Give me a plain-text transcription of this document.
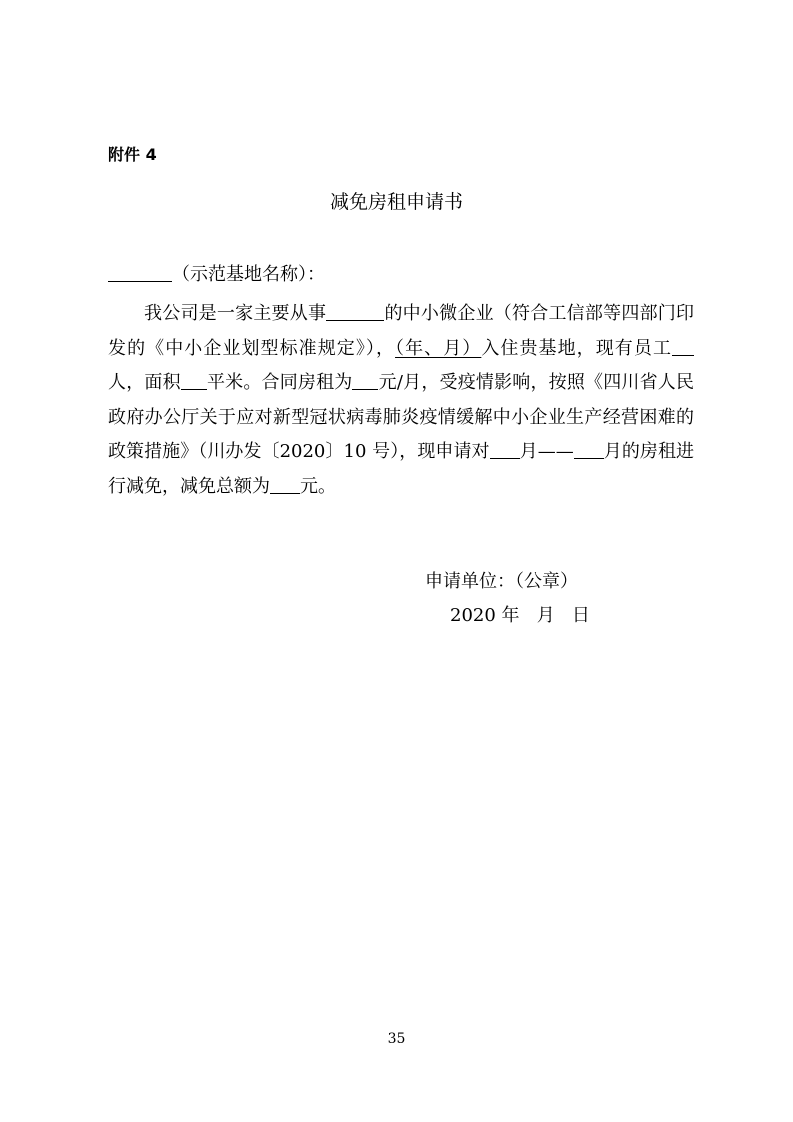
附件 4
减免房租申请书
（示范基地名称）：

我公司是一家主要从事	的中小微企业（符合工信部等四部门印发的《中小企业划型标准规定》），（年、月）入住贵基地，现有员工人，面积 平米。合同房租为 元/月，受疫情影响，按照《四川省人民政府办公厅关于应对新型冠状病毒肺炎疫情缓解中小企业生产经营困难的政策措施》（川办发〔2020〕10 号），现申请对 月—— 月的房租进行减免，减免总额为 元。

申请单位：（公章）
2020 年   月   日
35
